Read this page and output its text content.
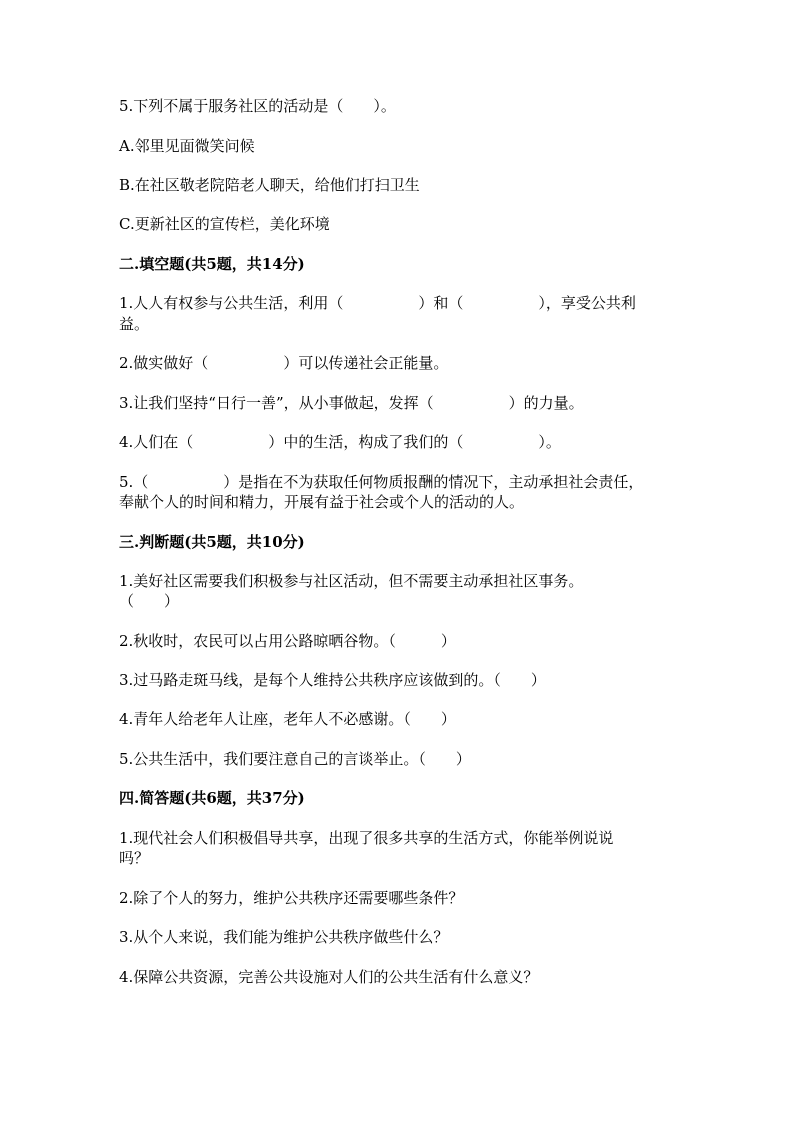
5.下列不属于服务社区的活动是（　　）。
A.邻里见面微笑问候
B.在社区敬老院陪老人聊天，给他们打扫卫生
C.更新社区的宣传栏，美化环境
二.填空题(共5题，共14分)
1.人人有权参与公共生活，利用（　　　　　）和（　　　　　），享受公共利
益。
2.做实做好（　　　　　）可以传递社会正能量。
3.让我们坚持“日行一善”，从小事做起，发挥（　　　　　）的力量。
4.人们在（　　　　　）中的生活，构成了我们的（　　　　　）。
5.（　　　　　）是指在不为获取任何物质报酬的情况下，主动承担社会责任，
奉献个人的时间和精力，开展有益于社会或个人的活动的人。
三.判断题(共5题，共10分)
1.美好社区需要我们积极参与社区活动，但不需要主动承担社区事务。
（　　）
2.秋收时，农民可以占用公路晾晒谷物。（　　　）
3.过马路走斑马线，是每个人维持公共秩序应该做到的。（　　）
4.青年人给老年人让座，老年人不必感谢。（　　）
5.公共生活中，我们要注意自己的言谈举止。（　　）
四.简答题(共6题，共37分)
1.现代社会人们积极倡导共享，出现了很多共享的生活方式，你能举例说说
吗？
2.除了个人的努力，维护公共秩序还需要哪些条件？
3.从个人来说，我们能为维护公共秩序做些什么？
4.保障公共资源，完善公共设施对人们的公共生活有什么意义？
